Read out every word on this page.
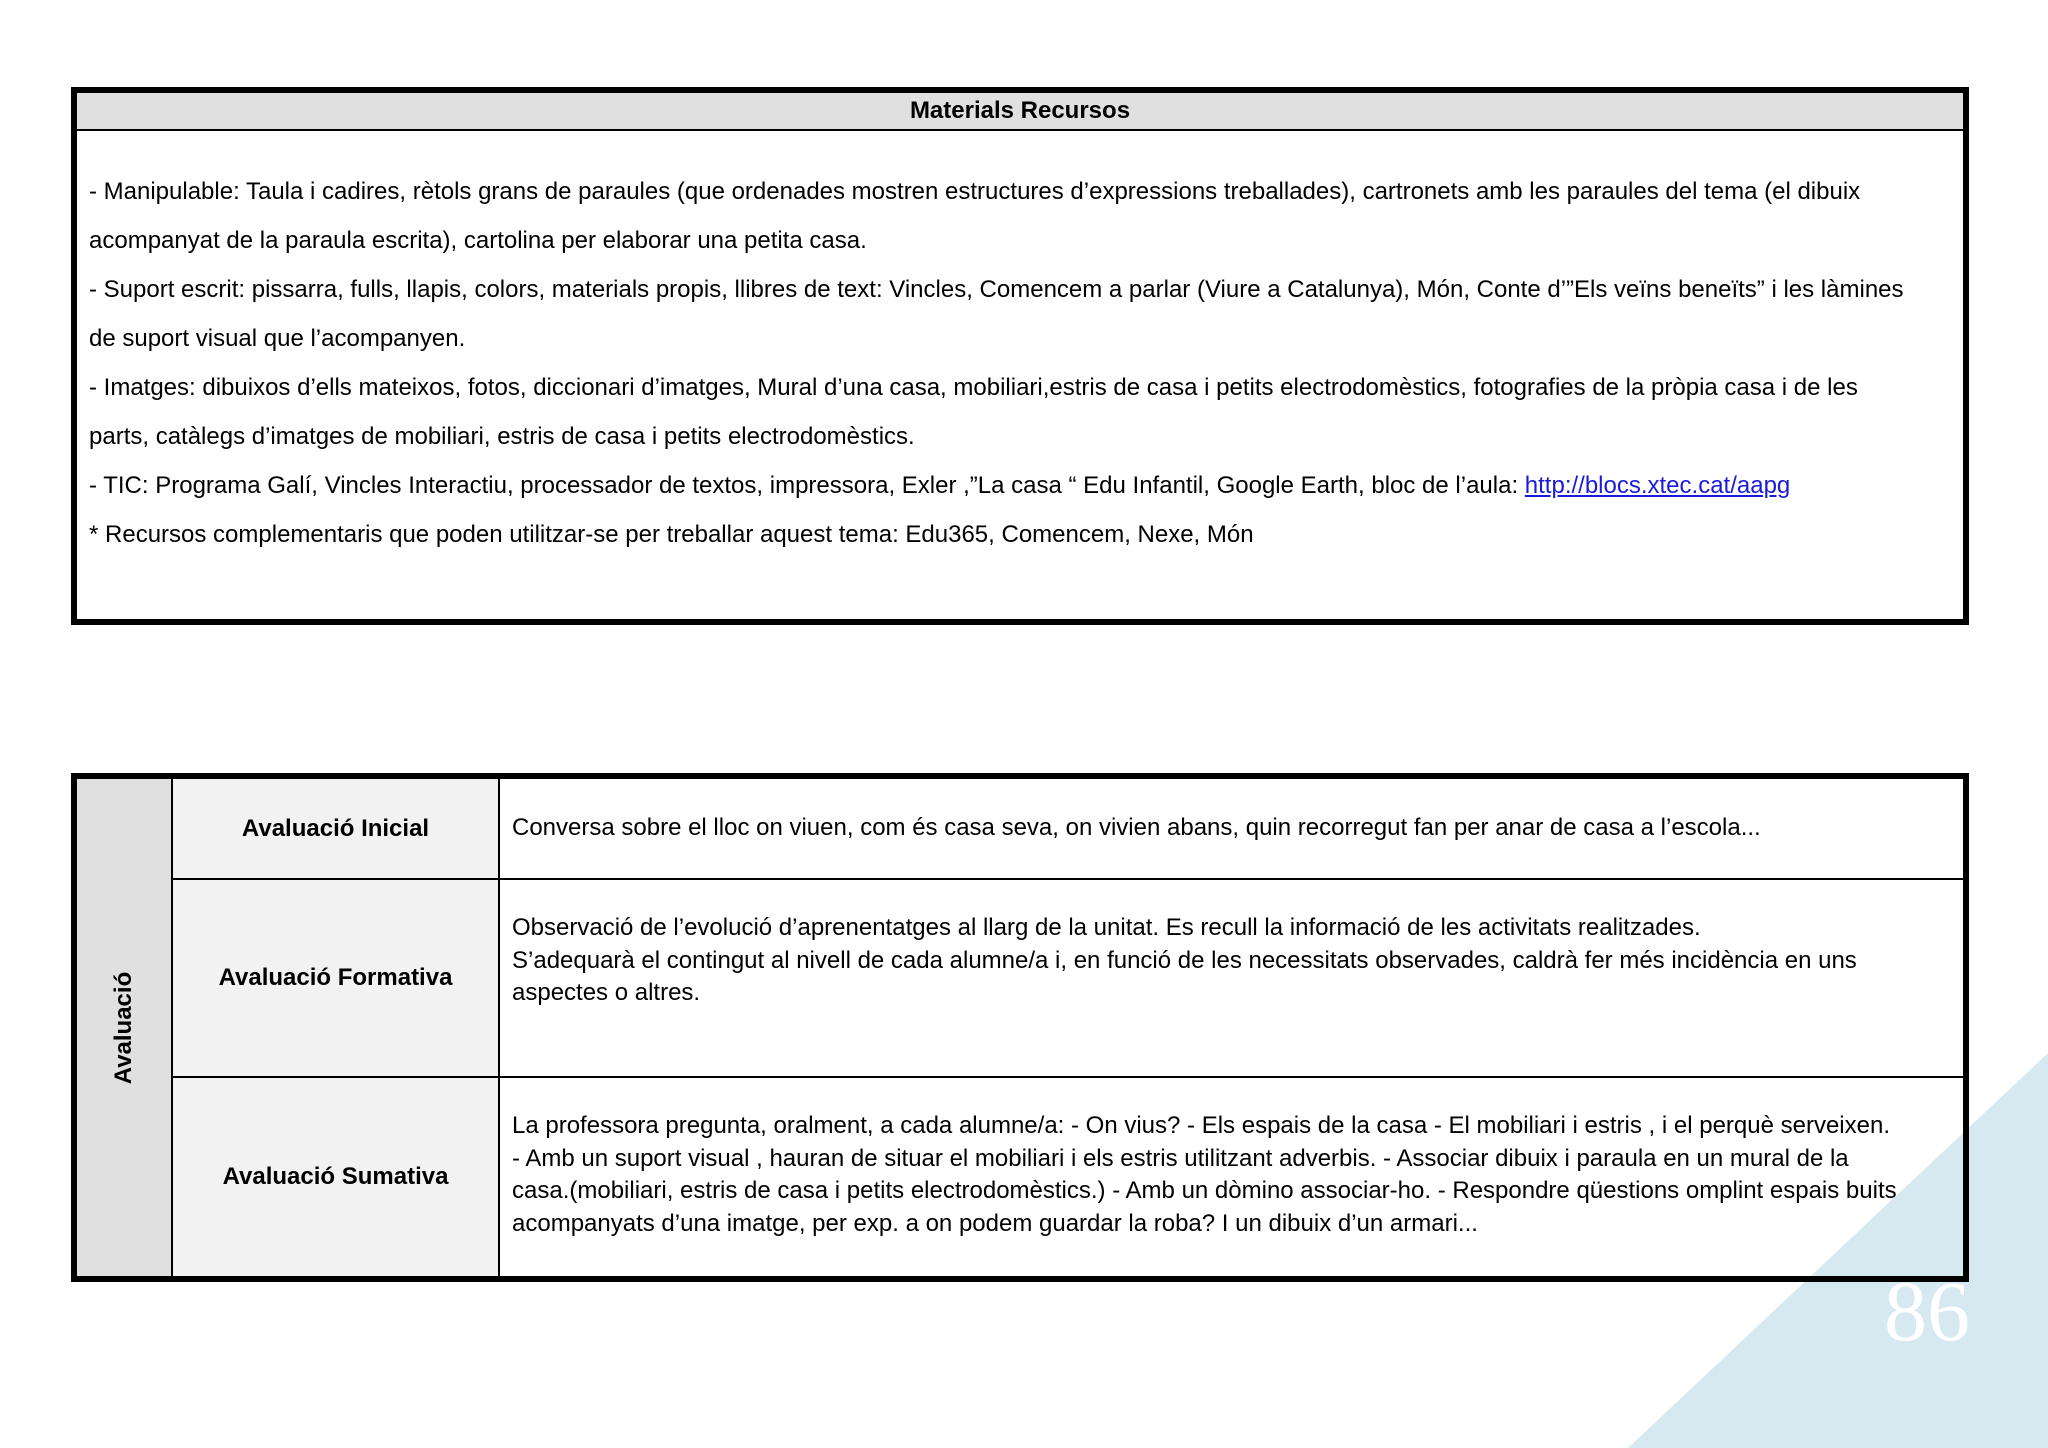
86
Materials Recursos

- Manipulable: Taula i cadires, rètols grans de paraules (que ordenades mostren estructures d’expressions treballades), cartronets amb les paraules del tema (el dibuix

acompanyat de la paraula escrita), cartolina per elaborar una petita casa.

- Suport escrit: pissarra, fulls, llapis, colors, materials propis, llibres de text: Vincles, Comencem a parlar (Viure a Catalunya), Món, Conte d’”Els veïns beneïts” i les làmines

de suport visual que l’acompanyen.

- Imatges: dibuixos d’ells mateixos, fotos, diccionari d’imatges, Mural d’una casa, mobiliari,estris de casa i petits electrodomèstics, fotografies de la pròpia casa i de les

parts, catàlegs d’imatges de mobiliari, estris de casa i petits electrodomèstics.

- TIC: Programa Galí, Vincles Interactiu, processador de textos, impressora, Exler ,”La casa “ Edu Infantil, Google Earth, bloc de l’aula: http://blocs.xtec.cat/aapg

* Recursos complementaris que poden utilitzar-se per treballar aquest tema: Edu365, Comencem, Nexe, Món

Avaluació
Avaluació Inicial	Conversa sobre el lloc on viuen, com és casa seva, on vivien abans, quin recorregut fan per anar de casa a l’escola...

Avaluació Formativa

Observació de l’evolució d’aprenentatges al llarg de la unitat. Es recull la informació de les activitats realitzades.

S’adequarà el contingut al nivell de cada alumne/a i, en funció de les necessitats observades, caldrà fer més incidència en uns

aspectes o altres.

Avaluació Sumativa

La professora pregunta, oralment, a cada alumne/a: - On vius? - Els espais de la casa - El mobiliari i estris , i el perquè serveixen.

- Amb un suport visual , hauran de situar el mobiliari i els estris utilitzant adverbis. - Associar dibuix i paraula en un mural de la

casa.(mobiliari, estris de casa i petits electrodomèstics.) - Amb un dòmino associar-ho. - Respondre qüestions omplint espais buits

acompanyats d’una imatge, per exp. a on podem guardar la roba? I un dibuix d’un armari...
